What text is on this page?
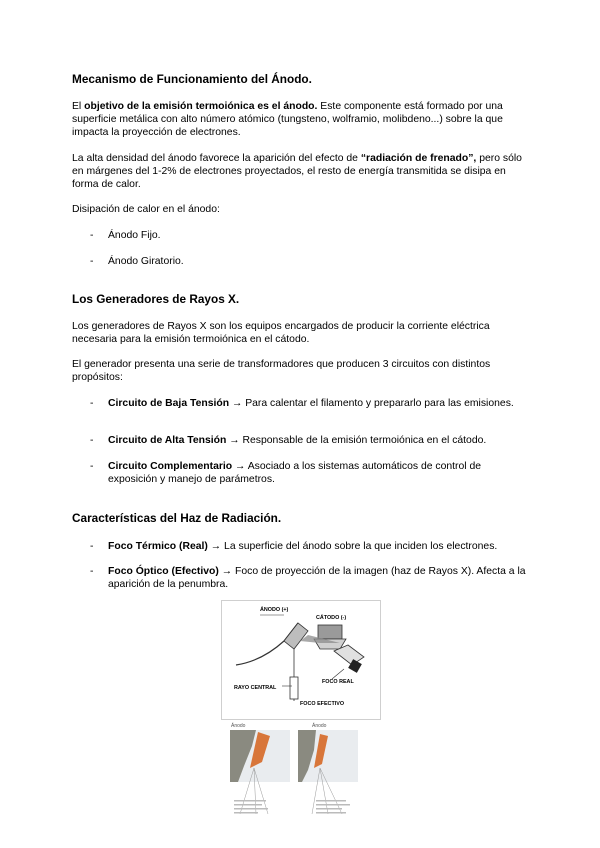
Mecanismo de Funcionamiento del Ánodo.

El objetivo de la emisión termoiónica es el ánodo. Este componente está formado por una superficie metálica con alto número atómico (tungsteno, wolframio, molibdeno...) sobre la que impacta la proyección de electrones.

La alta densidad del ánodo favorece la aparición del efecto de “radiación de frenado”, pero sólo en márgenes del 1-2% de electrones proyectados, el resto de energía transmitida se disipa en forma de calor.

Disipación de calor en el ánodo:

- Ánodo Fijo.
- Ánodo Giratorio.
Los Generadores de Rayos X.

Los generadores de Rayos X son los equipos encargados de producir la corriente eléctrica necesaria para la emisión termoiónica en el cátodo.

El generador presenta una serie de transformadores que producen 3 circuitos con distintos propósitos:

- Circuito de Baja Tensión → Para calentar el filamento y prepararlo para las emisiones.
- Circuito de Alta Tensión → Responsable de la emisión termoiónica en el cátodo.
- Circuito Complementario → Asociado a los sistemas automáticos de control de exposición y manejo de parámetros.
Características del Haz de Radiación.
- Foco Térmico (Real) → La superficie del ánodo sobre la que inciden los electrones.
- Foco Óptico (Efectivo) → Foco de proyección de la imagen (haz de Rayos X). Afecta a la aparición de la penumbra.
ÁNODO (+)
CÁTODO (-)
FOCO REAL
RAYO CENTRAL
FOCO EFECTIVO
Ánodo	Ánodo
